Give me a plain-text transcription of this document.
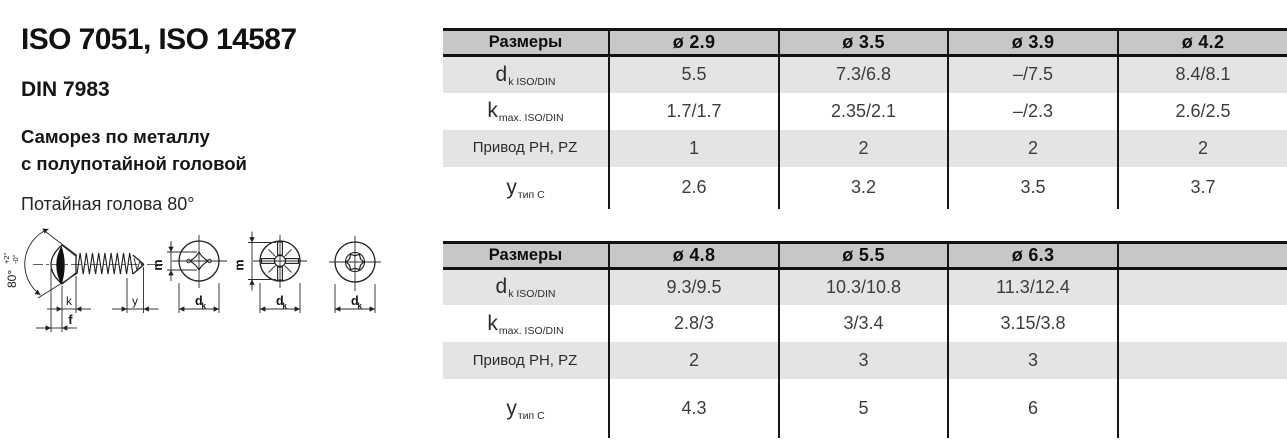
ISO 7051, ISO 14587
DIN 7983
Саморез по металлу
с полупотайной головой
Потайная голова 80°
80°
+2° -0°
k
f
y
m
d
k
m
d
k	d
k
Размеры	ø 2.9	ø 3.5	ø 3.9	ø 4.2
$d_{k ISO/DIN}$	5.5	7.3/6.8	–/7.5	8.4/8.1
$k_{max. ISO/DIN}$	1.7/1.7	2.35/2.1	–/2.3	2.6/2.5
Привод PH, PZ	1	2	2	2
$y_{тип C}$	2.6	3.2	3.5	3.7
Размеры	ø 4.8	ø 5.5	ø 6.3	
$d_{k ISO/DIN}$	9.3/9.5	10.3/10.8	11.3/12.4	
$k_{max. ISO/DIN}$	2.8/3	3/3.4	3.15/3.8	
Привод PH, PZ	2	3	3	
$y_{тип C}$	4.3	5	6	
